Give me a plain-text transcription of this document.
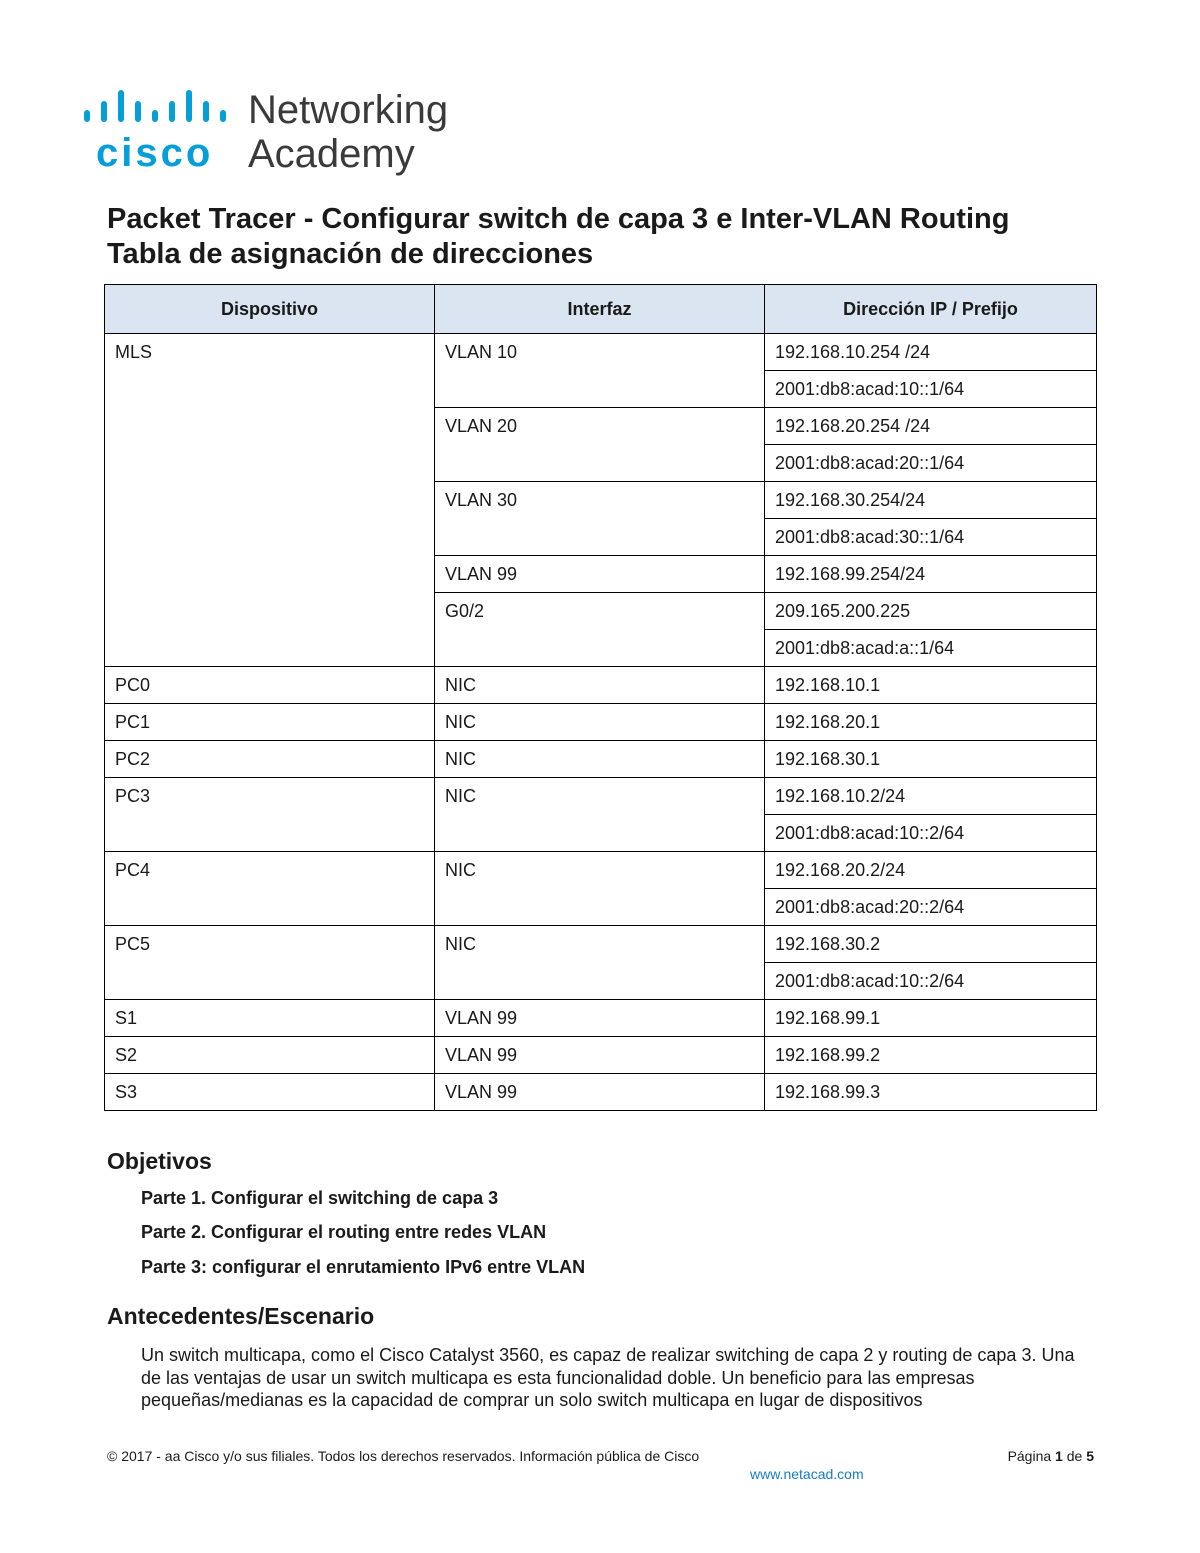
cisco
Networking
Academy
Packet Tracer - Configurar switch de capa 3 e Inter-VLAN Routing
Tabla de asignación de direcciones
Dispositivo	Interfaz	Dirección IP / Prefijo
MLS	VLAN 10	192.168.10.254 /24
		2001:db8:acad:10::1/64
	VLAN 20	192.168.20.254 /24
		2001:db8:acad:20::1/64
	VLAN 30	192.168.30.254/24
		2001:db8:acad:30::1/64
	VLAN 99	192.168.99.254/24
	G0/2	209.165.200.225
		2001:db8:acad:a::1/64
PC0	NIC	192.168.10.1
PC1	NIC	192.168.20.1
PC2	NIC	192.168.30.1
PC3	NIC	192.168.10.2/24
		2001:db8:acad:10::2/64
PC4	NIC	192.168.20.2/24
		2001:db8:acad:20::2/64
PC5	NIC	192.168.30.2
		2001:db8:acad:10::2/64
S1	VLAN 99	192.168.99.1
S2	VLAN 99	192.168.99.2
S3	VLAN 99	192.168.99.3
Objetivos

Parte 1. Configurar el switching de capa 3

Parte 2. Configurar el routing entre redes VLAN

Parte 3: configurar el enrutamiento IPv6 entre VLAN

Antecedentes/Escenario

Un switch multicapa, como el Cisco Catalyst 3560, es capaz de realizar switching de capa 2 y routing de capa 3. Una de las ventajas de usar un switch multicapa es esta funcionalidad doble. Un beneficio para las empresas pequeñas/medianas es la capacidad de comprar un solo switch multicapa en lugar de dispositivos

© 2017 - aa Cisco y/o sus filiales. Todos los derechos reservados. Información pública de Cisco	Página 1 de 5
www.netacad.com
